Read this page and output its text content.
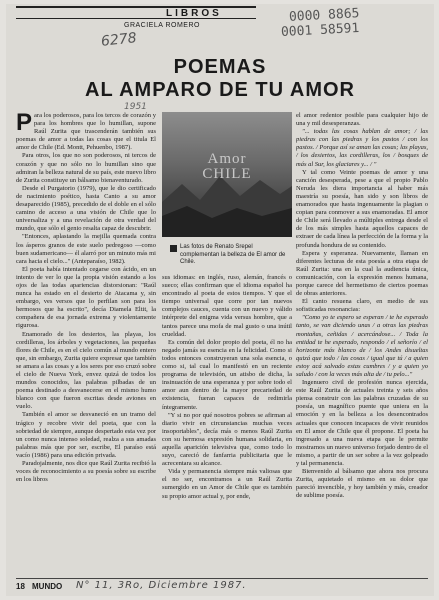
LIBROS
GRACIELA ROMERO
6278
1951
0000 8865
0001 58591
POEMAS
AL AMPARO DE TU AMOR

Para los poderosos, para los tercos de corazón y para los hombres que lo humillan, supone Raúl Zurita que trascenderán también sus poemas de amor a todas las cosas que el titula El amor de Chile (Ed. Montt, Pehuenbo, 1987).

Para otros, los que no son poderosos, ni tercos de corazón y que no sólo no lo humillan sino que admiran la belleza natural de su país, este nuevo libro de Zurita constituye un bálsamo bienaventurado.

Desde el Purgatorio (1979), que le dio certificado de nacimiento poético, hasta Canto a su amor desaparecido (1985), precedido de el doble en el sólo camino de acceso a una visión de Chile que lo universaliza y a una revelación de otra verdad del mundo, que sólo el genio resalta capaz de descubrir.

"Entonces, aplastando la mejilla quemada contra los ásperos granos de este suelo pedregoso —como buen sudamericano— él alarró por un minuto más mi cara hacia el cielo..." (Anteparaíso, 1982).

El poeta había intentado cegarse con ácido, en un intento de ver lo que la propia visión estando a los ojos de las todas apariencias distorsionan: "Raúl nunca ha estado en el desierto de Atacama y, sin embargo, ves versos que lo perfilan son para los hermosos que ha escrito", decía Diamela Eltit, la compañera de esa jornada extrema y violentamente rigurosa.

Enamorado de los desiertos, las playas, los cordilleras, los árboles y vegetaciones, las pequeñas flores de Chile, es en el cielo común al mundo entero que, sin embargo, Zurita quiere expresar que también se amara a las cosas y a los seres por eso cruzó sobre el cielo de Nueva York, envez quizá de todos los mundos conocidos, las palabras pilbadas de un poema destinado a desvanecerse en el mismo humo blanco con que fueron escritas desde aviones en vuelo.

También el amor se desvaneció en un tramo del trágico y recobre vivir del poeta, que con la sobriedad de siempre, aunque despertado esta vez por un como nunca intenso soledad, realza a sus amadas palabras más que por ser, escribe, El paraíso está vacío (1986) para una edición privada.

Paradojalmente, nos dice que Raúl Zurita recibió la voces de reconocimiento a su poesía sobre su escribe en los libros

Amor
CHILE
Las fotos de Renato Srepel complementan la belleza de El amor de Chile.

sus idiomas: en inglés, ruso, alemán, francés o sueco; ellas confirman que el idioma español ha encontrado al poeta de estos tiempos. Y que el tiempo universal que corre por tan nuevos complejos cauces, cuenta con un nuevo y válido intérprete del enigma vida versus hombre, que a tantos parece una mofa de mal gusto o una inútil crueldad.

Es común del dolor propio del poeta, él no ha negado jamás su esencia en la felicidad. Como si todos entonces construyeran una sola esencia, o como si, tal cual lo manifestó en un reciente programa de televisión, un atisbo de dicha, la insinuación de una esperanza y por sobre todo el amor aun dentro de la mayor precariedad de existencia, fueran capaces de redimirla íntegramente.

"Y si no por qué nosotros pobres se afirman al diario vivir en circunstancias muchas veces insoportables", decía más o menos Raúl Zurita con su hermosa expresión humana solidaria, en aquella aparición televisiva que, como todo lo suyo, careció de fanfarria publicitaria que le acrecentara su alcance.

Vida y permanencia siempre más valiosas que el no ser, encontramos a un Raúl Zurita sumergido en un Amor de Chile que es también su propio amor actual y, por ende,

el amor redentor posible para cualquier hijo de una y mil desesperanzas.

"... todas las cosas hablan de amor; / las piedras con las piedras y los pastos / con los pastos. / Porque así se aman las cosas; las playas, / los desiertos, las cordilleras, los / bosques de más al Sur, los glaciares y... / "

Y tal como Veinte poemas de amor y una canción desesperada, pese a que el propio Pablo Neruda les diera importancia al haber más maestría su poesía, han sido y son libros de enamorados que hasta ingenuamente la plagian o copian para conmover a sus enamoradas. El amor de Chile será llevado a múltiples entrega desde el de los más simples hasta aquellos capaces de extraer de cada línea la perfección de la forma y la profunda hondura de su contenido.

Espera y esperanza. Nuevamente, llaman en diferentes lecturas de esta poesía a otra etapa de Raúl Zurita: una en la cual la audiencia única, comunicación, con la expresión menos humana, porque carece del hermetismo de ciertos poemas de obras anteriores.

El canto resuena claro, en medio de sus sofisticadas resonancias:

"Como yo te espero se esperan / te he esperado tanto, se van diciendo unas / a otras las piedras montañas, ceñidas / acercándose... / Toda la entidad te he esperado, respondo / el señorío / el horizonte más blanco de / los Andes disueltas quizá que todo / las cosas / igual que tú / a quien estoy acá salvado estas cumbres / y a quien yo saludo / con la veces más alta de / tu pelo..."

Ingenuero civil de profesión nunca ejercida, este Raúl Zurita de actuales treinta y seis años piensa construir con las palabras cruzadas de su poesía, un magnífico puente que uniera en la emoción y en la belleza a los desencontrados actuales que conocen incapaces de vivir reunidos en El amor de Chile que él propone. El poeta ha ingresado a una nueva etapa que le permite mostrarnos un nuevo universo forjado dentro de el mismo, a partir de un ser sobre a la vez golpeado y tal permanencia.

Bienvenido al bálsamo que ahora nos procura Zurita, aquietado el mismo en su dolor que pareció invencible, y hoy también y más, creador de sublime poesía.

18 MUNDO N° 11, 3Ro, Diciembre 1987.
